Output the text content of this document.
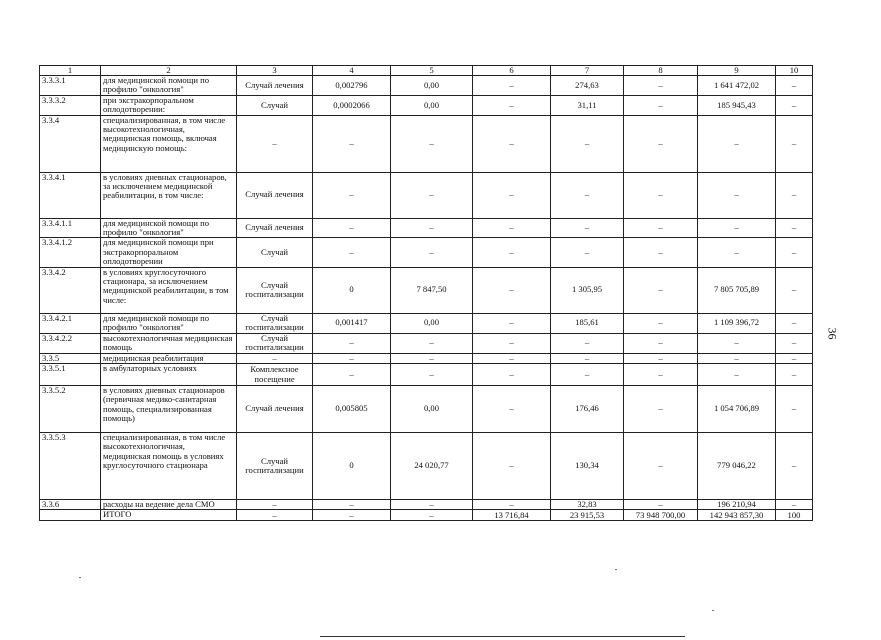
1	2	3	4	5	6	7	8	9	10
3.3.3.1	для медицинской помощи по профилю "онкология"	Случай лечения	0,002796	0,00	–	274,63	–	1 641 472,02	–
3.3.3.2	при экстракорпоральном оплодотворении:	Случай	0,0002066	0,00	–	31,11	–	185 945,43	–
3.3.4	специализированная, в том числе высокотехнологичная, медицинская помощь, включая медицинскую помощь:	–	–	–	–	–	–	–	–
3.3.4.1	в условиях дневных стационаров, за исключением медицинской реабилитации, в том числе:	Случай лечения	–	–	–	–	–	–	–
3.3.4.1.1	для медицинской помощи по профилю "онкология"	Случай лечения	–	–	–	–	–	–	–
3.3.4.1.2	для медицинской помощи при экстракорпоральном оплодотворении	Случай	–	–	–	–	–	–	–
3.3.4.2	в условиях круглосуточного стационара, за исключением медицинской реабилитации, в том числе:	Случай госпитализации	0	7 847,50	–	1 305,95	–	7 805 705,89	–
3.3.4.2.1	для медицинской помощи по профилю "онкология"	Случай госпитализации	0,001417	0,00	–	185,61	–	1 109 396,72	–
3.3.4.2.2	высокотехнологичная медицинская помощь	Случай госпитализации	–	–	–	–	–	–	–
3.3.5	медицинская реабилитация	–	–	–	–	–	–	–	–
3.3.5.1	в амбулаторных условиях	Комплексное посещение	–	–	–	–	–	–	–
3.3.5.2	в условиях дневных стационаров (первичная медико-санитарная помощь, специализированная помощь)	Случай лечения	0,005805	0,00	–	176,46	–	1 054 706,89	–
3.3.5.3	специализированная, в том числе высокотехнологичная, медицинская помощь в условиях круглосуточного стационара	Случай госпитализации	0	24 020,77	–	130,34	–	779 046,22	–
3.3.6	расходы на ведение дела СМО	–	–	–	–	32,83	–	196 210,94	–
	ИТОГО	–	–	–	13 716,84	23 915,53	73 948 700,00	142 943 857,30	100
36
